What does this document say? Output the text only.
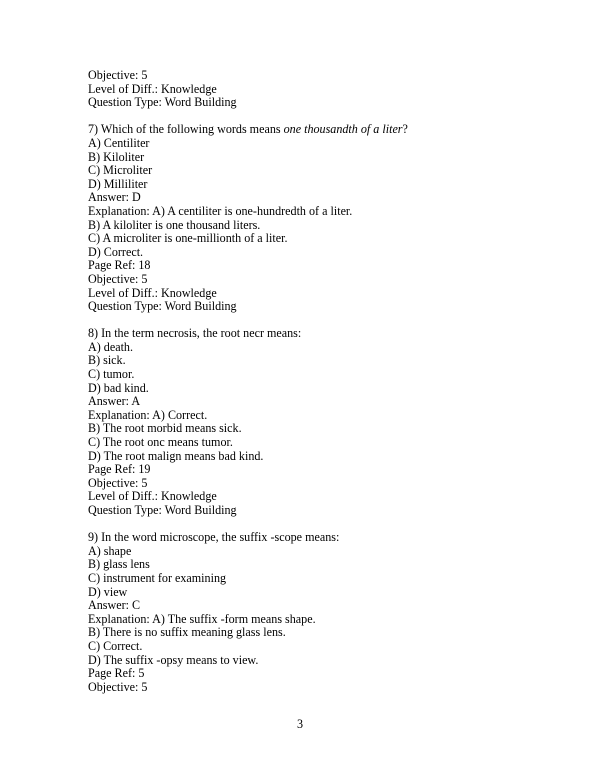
Objective: 5
Level of Diff.: Knowledge
Question Type: Word Building
7) Which of the following words means one thousandth of a liter?
A) Centiliter
B) Kiloliter
C) Microliter
D) Milliliter
Answer: D
Explanation: A) A centiliter is one-hundredth of a liter.
B) A kiloliter is one thousand liters.
C) A microliter is one-millionth of a liter.
D) Correct.
Page Ref: 18
Objective: 5
Level of Diff.: Knowledge
Question Type: Word Building
8) In the term necrosis, the root necr means:
A) death.
B) sick.
C) tumor.
D) bad kind.
Answer: A
Explanation: A) Correct.
B) The root morbid means sick.
C) The root onc means tumor.
D) The root malign means bad kind.
Page Ref: 19
Objective: 5
Level of Diff.: Knowledge
Question Type: Word Building
9) In the word microscope, the suffix -scope means:
A) shape
B) glass lens
C) instrument for examining
D) view
Answer: C
Explanation: A) The suffix -form means shape.
B) There is no suffix meaning glass lens.
C) Correct.
D) The suffix -opsy means to view.
Page Ref: 5
Objective: 5
3
